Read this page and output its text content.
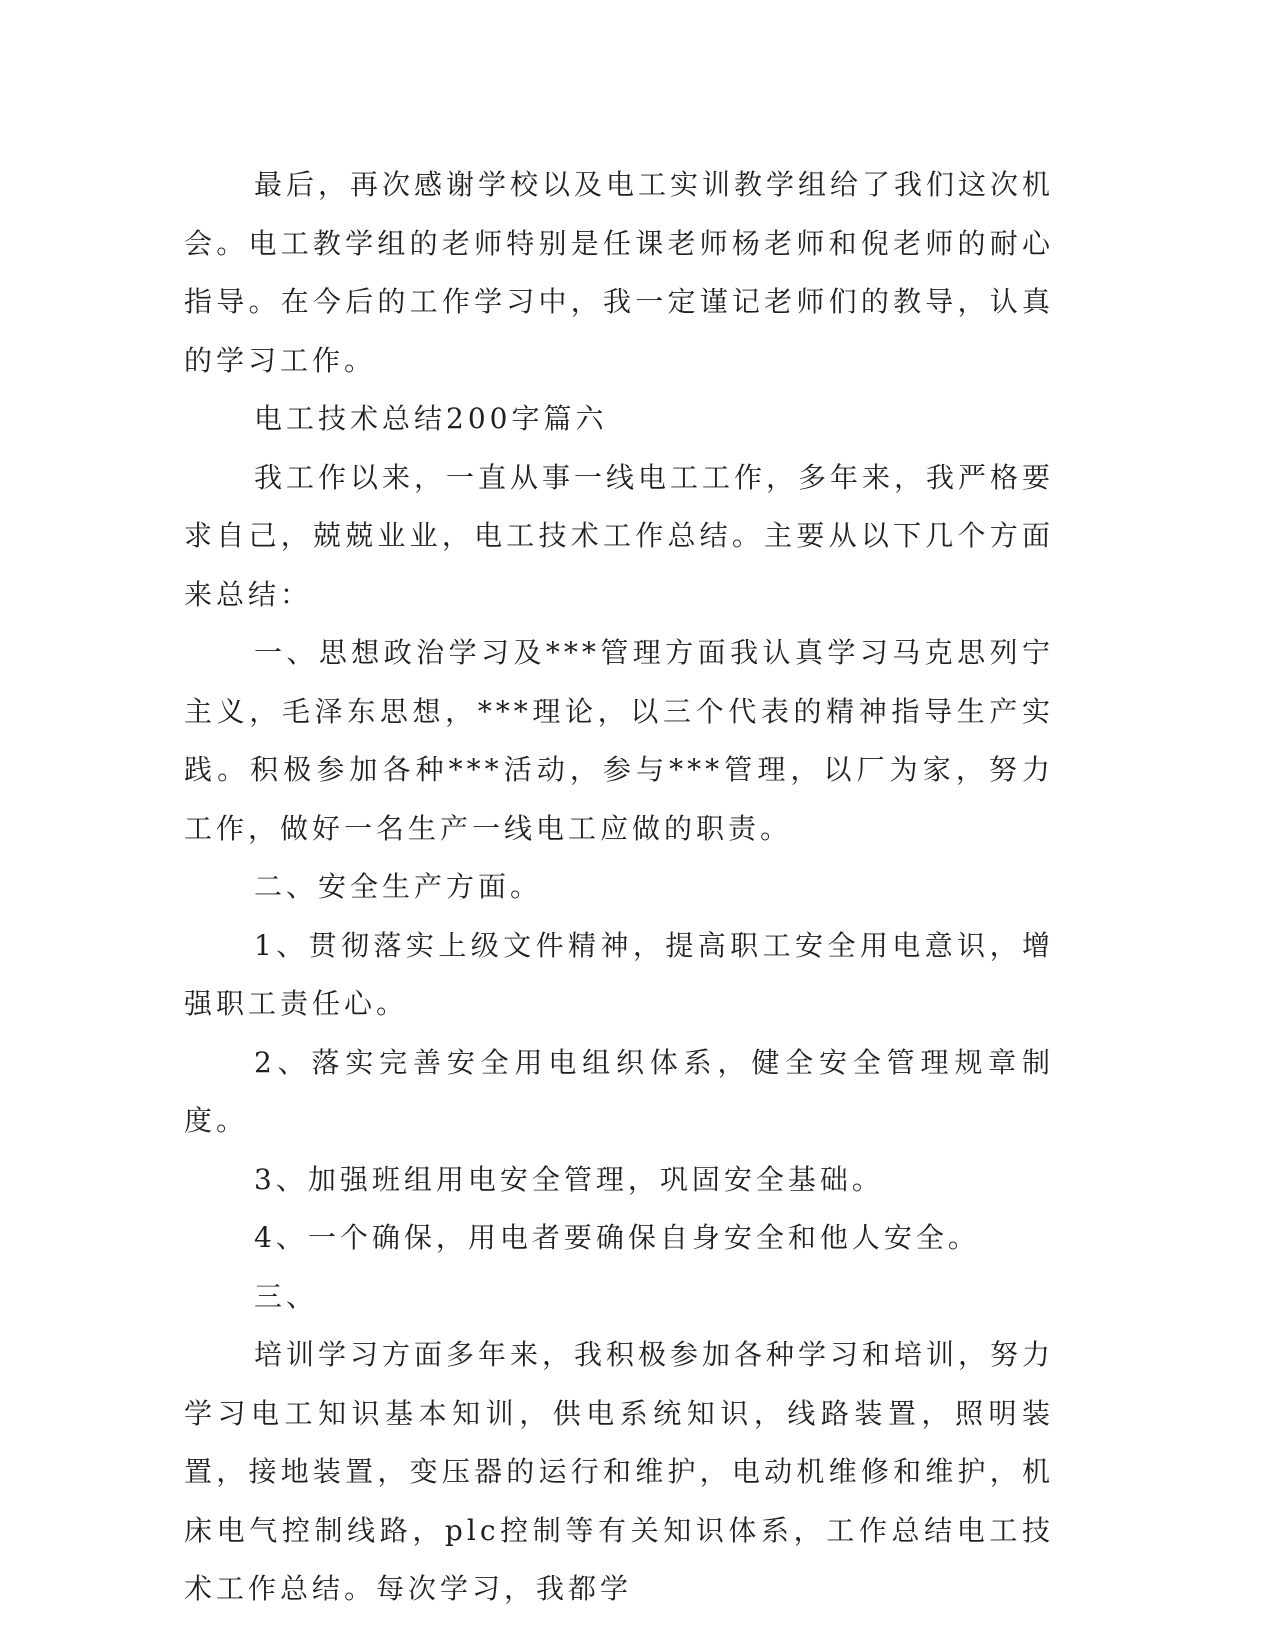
最后，再次感谢学校以及电工实训教学组给了我们这次机会。电工教学组的老师特别是任课老师杨老师和倪老师的耐心指导。在今后的工作学习中，我一定谨记老师们的教导，认真的学习工作。

电工技术总结200字篇六

我工作以来，一直从事一线电工工作，多年来，我严格要求自己，兢兢业业，电工技术工作总结。主要从以下几个方面来总结：

一、思想政治学习及***管理方面我认真学习马克思列宁主义，毛泽东思想，***理论，以三个代表的精神指导生产实践。积极参加各种***活动，参与***管理，以厂为家，努力工作，做好一名生产一线电工应做的职责。

二、安全生产方面。

1、贯彻落实上级文件精神，提高职工安全用电意识，增强职工责任心。

2、落实完善安全用电组织体系，健全安全管理规章制度。

3、加强班组用电安全管理，巩固安全基础。

4、一个确保，用电者要确保自身安全和他人安全。

三、

培训学习方面多年来，我积极参加各种学习和培训，努力学习电工知识基本知训，供电系统知识，线路装置，照明装置，接地装置，变压器的运行和维护，电动机维修和维护，机床电气控制线路，plc控制等有关知识体系，工作总结电工技术工作总结。每次学习，我都学
